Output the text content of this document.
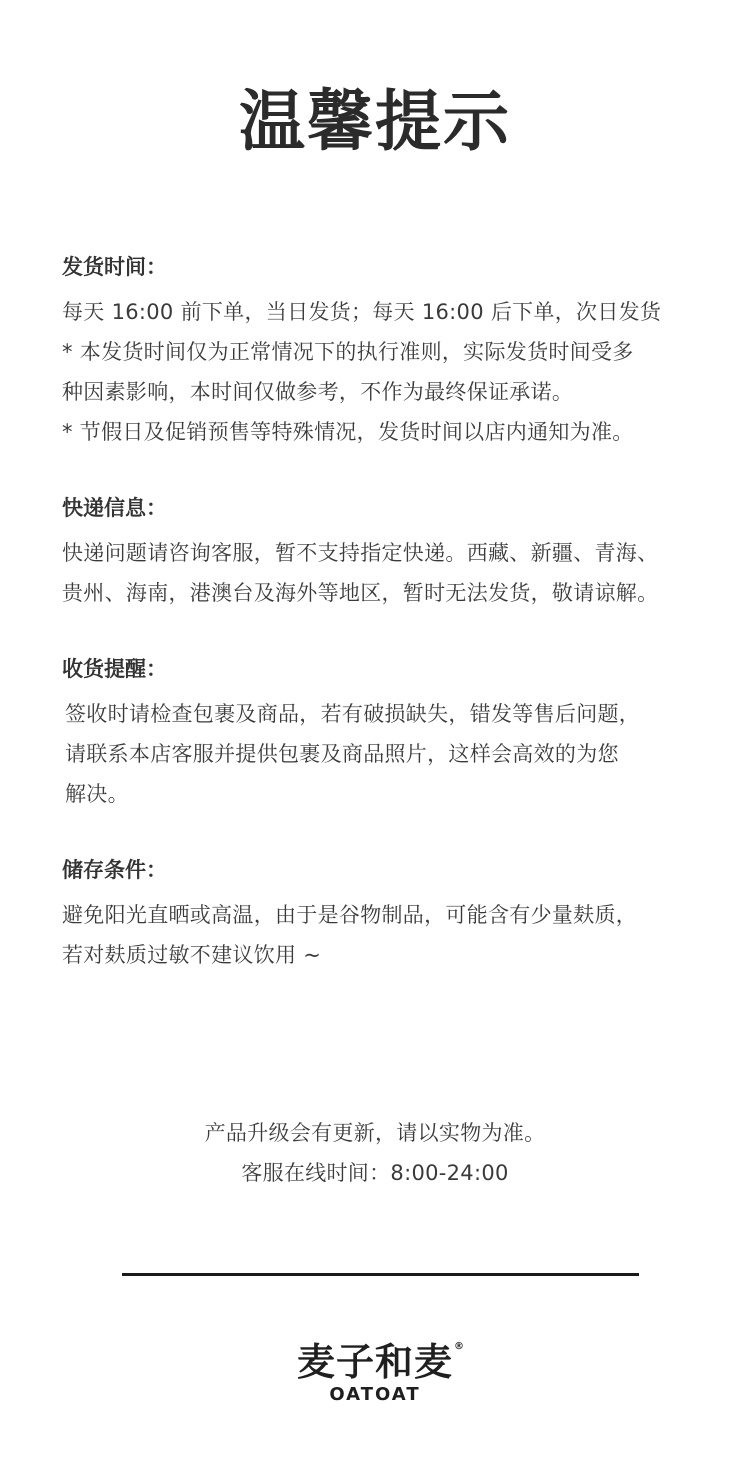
温馨提示
发货时间：
每天 16:00 前下单，当日发货；每天 16:00 后下单，次日发货
* 本发货时间仅为正常情况下的执行准则，实际发货时间受多
种因素影响，本时间仅做参考，不作为最终保证承诺。
* 节假日及促销预售等特殊情况，发货时间以店内通知为准。
快递信息：
快递问题请咨询客服，暂不支持指定快递。西藏、新疆、青海、
贵州、海南，港澳台及海外等地区，暂时无法发货，敬请谅解。
收货提醒：
签收时请检查包裹及商品，若有破损缺失，错发等售后问题，
请联系本店客服并提供包裹及商品照片，这样会高效的为您
解决。
储存条件：
避免阳光直晒或高温，由于是谷物制品，可能含有少量麸质，
若对麸质过敏不建议饮用 ~
产品升级会有更新，请以实物为准。
客服在线时间：8:00-24:00
麦子和麦 ®
OATOAT
